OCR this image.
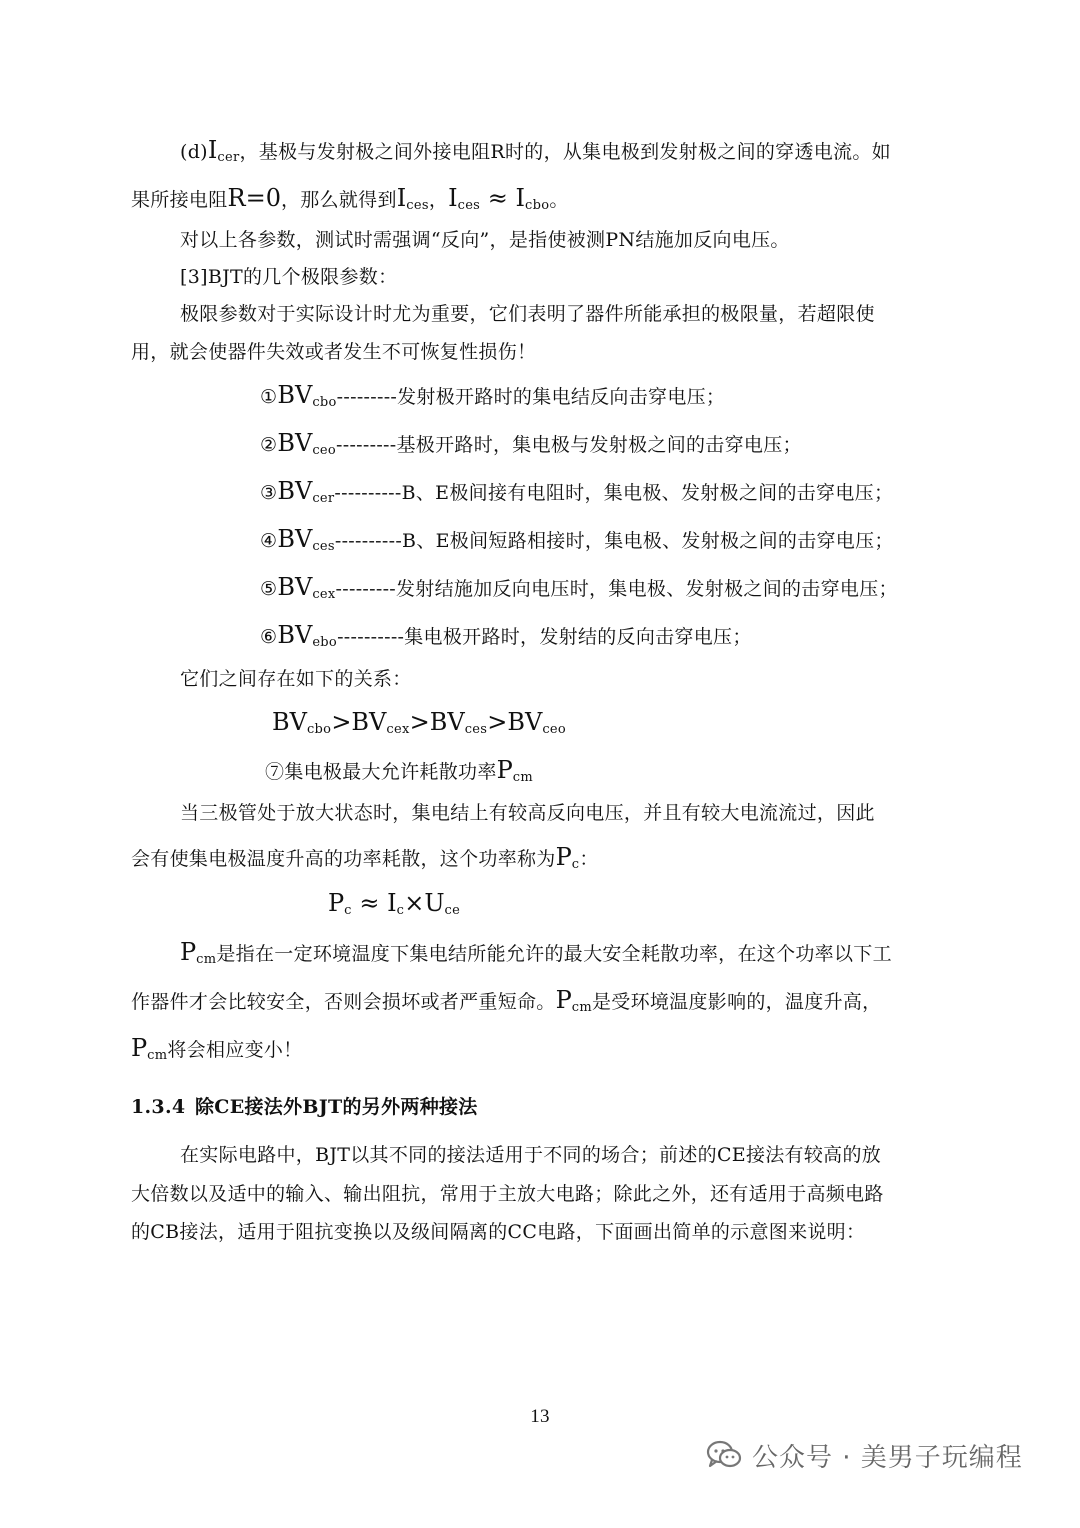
$(d)I_{cer}$，基极与发射极之间外接电阻R时的，从集电极到发射极之间的穿透电流。如
果所接电阻R=0，那么就得到$I_{ces}$，$I_{ces} \approx I_{cbo}$。
对以上各参数，测试时需强调“反向”，是指使被测PN结施加反向电压。
[3]BJT的几个极限参数：
极限参数对于实际设计时尤为重要，它们表明了器件所能承担的极限量，若超限使
用，就会使器件失效或者发生不可恢复性损伤！
$①BV_{cbo}---------$发射极开路时的集电结反向击穿电压；
$②BV_{ceo}---------$基极开路时，集电极与发射极之间的击穿电压；
$③BV_{cer}----------B$、E极间接有电阻时，集电极、发射极之间的击穿电压；
$④BV_{ces}----------B$、E极间短路相接时，集电极、发射极之间的击穿电压；
$⑤BV_{cex}---------$发射结施加反向电压时，集电极、发射极之间的击穿电压；
$⑥BV_{ebo}----------$集电极开路时，发射结的反向击穿电压；
它们之间存在如下的关系：
$BV_{cbo}>BV_{cex}>BV_{ces}>BV_{ceo}$
⑦集电极最大允许耗散功率$P_{cm}$
当三极管处于放大状态时，集电结上有较高反向电压，并且有较大电流流过，因此
会有使集电极温度升高的功率耗散，这个功率称为$P_c$：
$P_c \approx I_c\times U_{ce}$
$P_{cm}$是指在一定环境温度下集电结所能允许的最大安全耗散功率，在这个功率以下工
作器件才会比较安全，否则会损坏或者严重短命。$P_{cm}$是受环境温度影响的，温度升高，
$P_{cm}$将会相应变小！
1.3.4 除CE接法外BJT的另外两种接法
在实际电路中，BJT以其不同的接法适用于不同的场合；前述的CE接法有较高的放
大倍数以及适中的输入、输出阻抗，常用于主放大电路；除此之外，还有适用于高频电路
的CB接法，适用于阻抗变换以及级间隔离的CC电路，下面画出简单的示意图来说明：
13
公众号 · 美男子玩编程
